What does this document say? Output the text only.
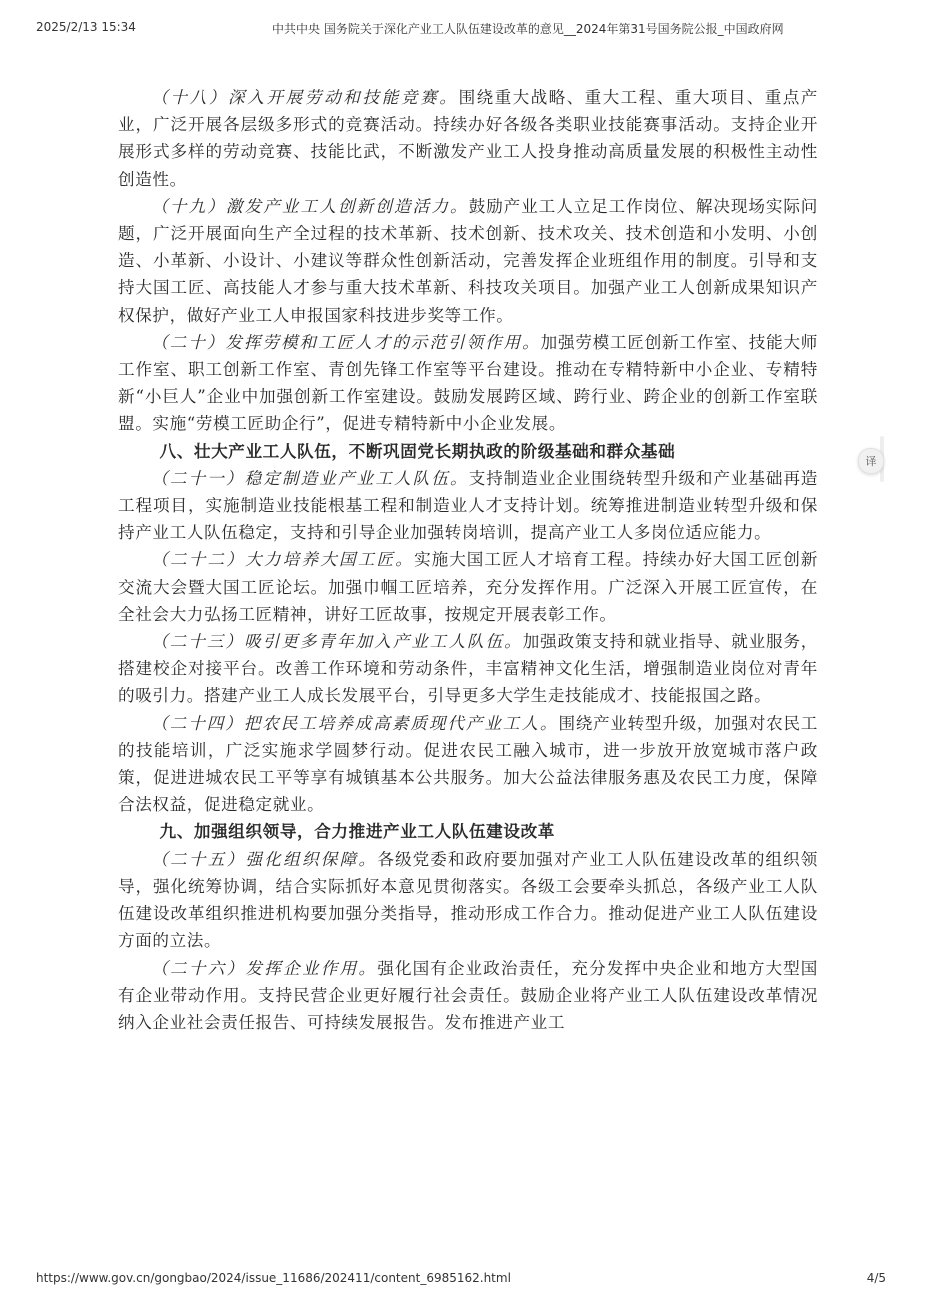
2025/2/13 15:34	中共中央 国务院关于深化产业工人队伍建设改革的意见__2024年第31号国务院公报_中国政府网

（十八）深入开展劳动和技能竞赛。围绕重大战略、重大工程、重大项目、重点产业，广泛开展各层级多形式的竞赛活动。持续办好各级各类职业技能赛事活动。支持企业开展形式多样的劳动竞赛、技能比武，不断激发产业工人投身推动高质量发展的积极性主动性创造性。

（十九）激发产业工人创新创造活力。鼓励产业工人立足工作岗位、解决现场实际问题，广泛开展面向生产全过程的技术革新、技术创新、技术攻关、技术创造和小发明、小创造、小革新、小设计、小建议等群众性创新活动，完善发挥企业班组作用的制度。引导和支持大国工匠、高技能人才参与重大技术革新、科技攻关项目。加强产业工人创新成果知识产权保护，做好产业工人申报国家科技进步奖等工作。

（二十）发挥劳模和工匠人才的示范引领作用。加强劳模工匠创新工作室、技能大师工作室、职工创新工作室、青创先锋工作室等平台建设。推动在专精特新中小企业、专精特新“小巨人”企业中加强创新工作室建设。鼓励发展跨区域、跨行业、跨企业的创新工作室联盟。实施“劳模工匠助企行”，促进专精特新中小企业发展。

八、壮大产业工人队伍，不断巩固党长期执政的阶级基础和群众基础

（二十一）稳定制造业产业工人队伍。支持制造业企业围绕转型升级和产业基础再造工程项目，实施制造业技能根基工程和制造业人才支持计划。统筹推进制造业转型升级和保持产业工人队伍稳定，支持和引导企业加强转岗培训，提高产业工人多岗位适应能力。

（二十二）大力培养大国工匠。实施大国工匠人才培育工程。持续办好大国工匠创新交流大会暨大国工匠论坛。加强巾帼工匠培养，充分发挥作用。广泛深入开展工匠宣传，在全社会大力弘扬工匠精神，讲好工匠故事，按规定开展表彰工作。

（二十三）吸引更多青年加入产业工人队伍。加强政策支持和就业指导、就业服务，搭建校企对接平台。改善工作环境和劳动条件，丰富精神文化生活，增强制造业岗位对青年的吸引力。搭建产业工人成长发展平台，引导更多大学生走技能成才、技能报国之路。

（二十四）把农民工培养成高素质现代产业工人。围绕产业转型升级，加强对农民工的技能培训，广泛实施求学圆梦行动。促进农民工融入城市，进一步放开放宽城市落户政策，促进进城农民工平等享有城镇基本公共服务。加大公益法律服务惠及农民工力度，保障合法权益，促进稳定就业。

九、加强组织领导，合力推进产业工人队伍建设改革

（二十五）强化组织保障。各级党委和政府要加强对产业工人队伍建设改革的组织领导，强化统筹协调，结合实际抓好本意见贯彻落实。各级工会要牵头抓总，各级产业工人队伍建设改革组织推进机构要加强分类指导，推动形成工作合力。推动促进产业工人队伍建设方面的立法。

（二十六）发挥企业作用。强化国有企业政治责任，充分发挥中央企业和地方大型国有企业带动作用。支持民营企业更好履行社会责任。鼓励企业将产业工人队伍建设改革情况纳入企业社会责任报告、可持续发展报告。发布推进产业工

译
https://www.gov.cn/gongbao/2024/issue_11686/202411/content_6985162.html	4/5
